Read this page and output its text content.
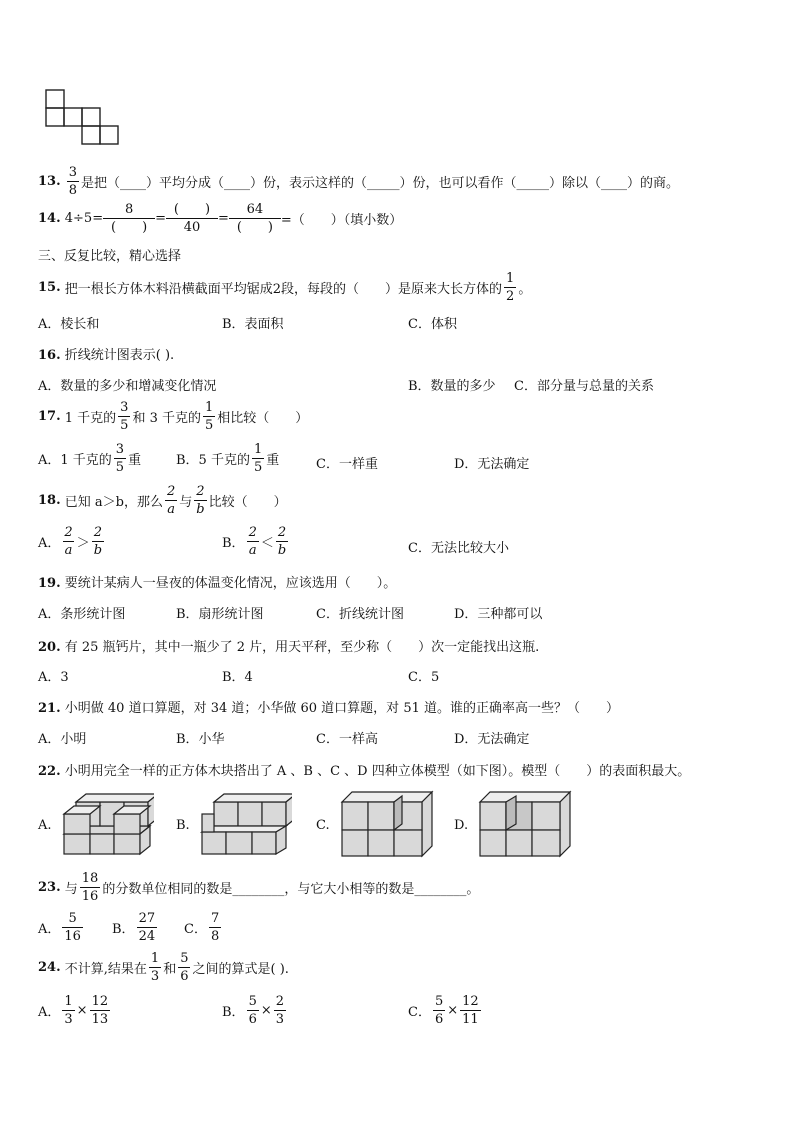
13.
$\frac{3}{8}$ 是把（____）平均分成（____）份，表示这样的（_____）份，也可以看作（_____）除以（____）的商。
14.
$4\div 5= \frac{8}{( )} = \frac{( )}{40} = \frac{64}{( )}$ =（　　）（填小数）
三、反复比较，精心选择
15.
把一根长方体木料沿横截面平均锯成2段，每段的（　　）是原来大长方体的 $\frac{1}{2}$ 。
A．棱长和	B．表面积	C．体积
16. 折线统计图表示( ).
A．数量的多少和增减变化情况	B．数量的多少 C．部分量与总量的关系
17.
1 千克的 $\frac{3}{5}$ 和 3 千克的 $\frac{1}{5}$ 相比较（　　）
A．1 千克的 $\frac{3}{5}$ 重	B．5 千克的 $\frac{1}{5}$ 重	C．一样重	D．无法确定
18.
已知 a＞b，那么 $\frac{2}{a}$ 与 $\frac{2}{b}$ 比较（　　）
A． $\frac{2}{a} > \frac{2}{b}$	B． $\frac{2}{a} < \frac{2}{b}$	C．无法比较大小
19. 要统计某病人一昼夜的体温变化情况，应该选用（　　）。
A．条形统计图	B．扇形统计图	C．折线统计图	D．三种都可以
20. 有 25 瓶钙片，其中一瓶少了 2 片，用天平秤，至少称（　　）次一定能找出这瓶.
A．3	B．4	C．5
21. 小明做 40 道口算题，对 34 道；小华做 60 道口算题，对 51 道。谁的正确率高一些？（　　）
A．小明	B．小华	C．一样高	D．无法确定
22. 小明用完全一样的正方体木块搭出了 A 、B 、C 、D 四种立体模型（如下图）。模型（　　）的表面积最大。
A.	B.	C.	D.
23.
与 $\frac{18}{16}$ 的分数单位相同的数是________，与它大小相等的数是________。
A． $\frac{5}{16}$ B． $\frac{27}{24}$ C． $\frac{7}{8}$
24.
不计算,结果在 $\frac{1}{3}$ 和 $\frac{5}{6}$ 之间的算式是( ).
A． $\frac{1}{3} \times \frac{12}{13}$	B． $\frac{5}{6} \times \frac{2}{3}$	C． $\frac{5}{6} \times \frac{12}{11}$
